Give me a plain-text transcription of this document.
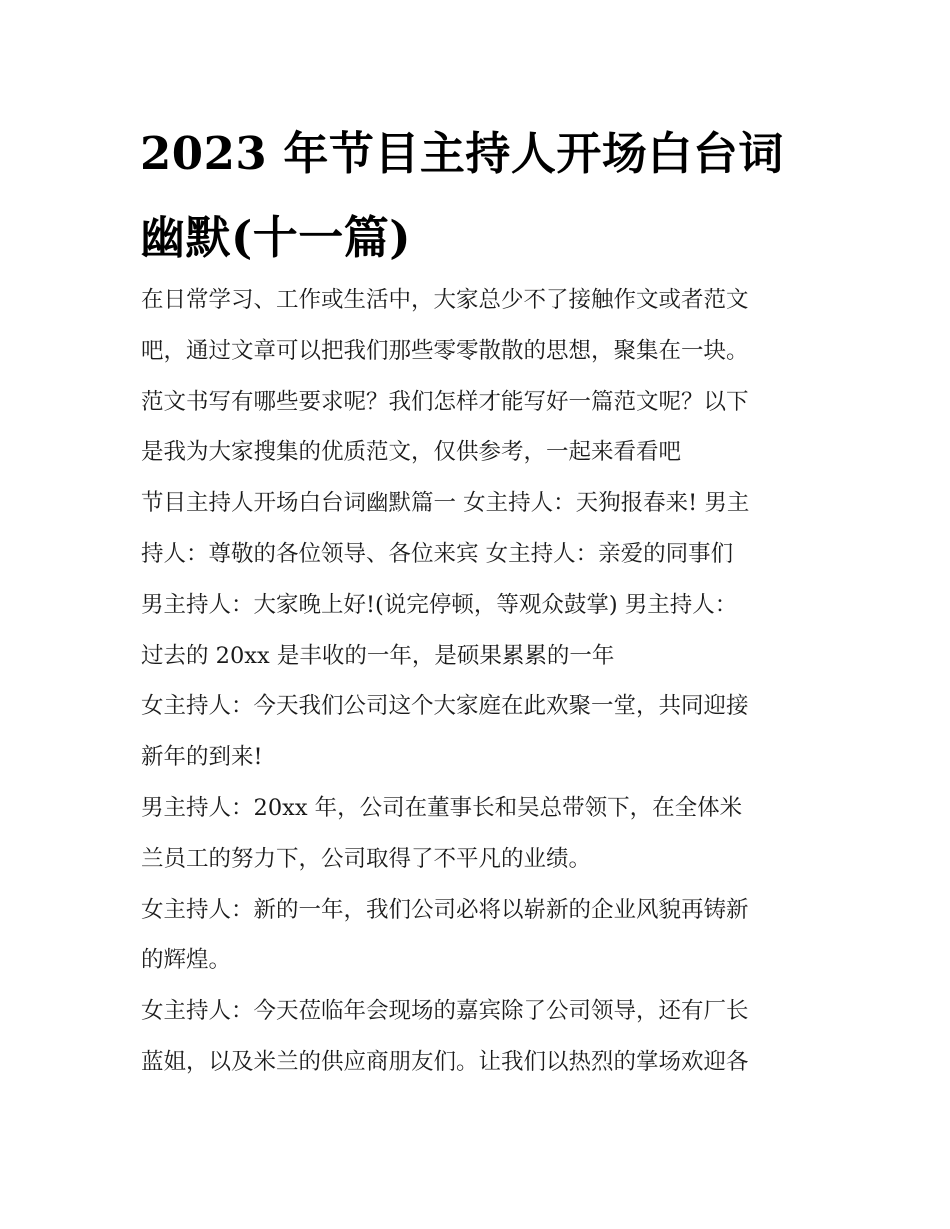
2023 年节目主持人开场白台词
幽默(十一篇)
在日常学习、工作或生活中，大家总少不了接触作文或者范文
吧，通过文章可以把我们那些零零散散的思想，聚集在一块。
范文书写有哪些要求呢？我们怎样才能写好一篇范文呢？以下
是我为大家搜集的优质范文，仅供参考，一起来看看吧
节目主持人开场白台词幽默篇一 女主持人：天狗报春来! 男主
持人：尊敬的各位领导、各位来宾 女主持人：亲爱的同事们
男主持人：大家晚上好!(说完停顿，等观众鼓掌) 男主持人：
过去的 20xx 是丰收的一年，是硕果累累的一年
女主持人：今天我们公司这个大家庭在此欢聚一堂，共同迎接
新年的到来!
男主持人：20xx 年，公司在董事长和吴总带领下，在全体米
兰员工的努力下，公司取得了不平凡的业绩。
女主持人：新的一年，我们公司必将以崭新的企业风貌再铸新
的辉煌。
女主持人：今天莅临年会现场的嘉宾除了公司领导，还有厂长
蓝姐，以及米兰的供应商朋友们。让我们以热烈的掌场欢迎各
